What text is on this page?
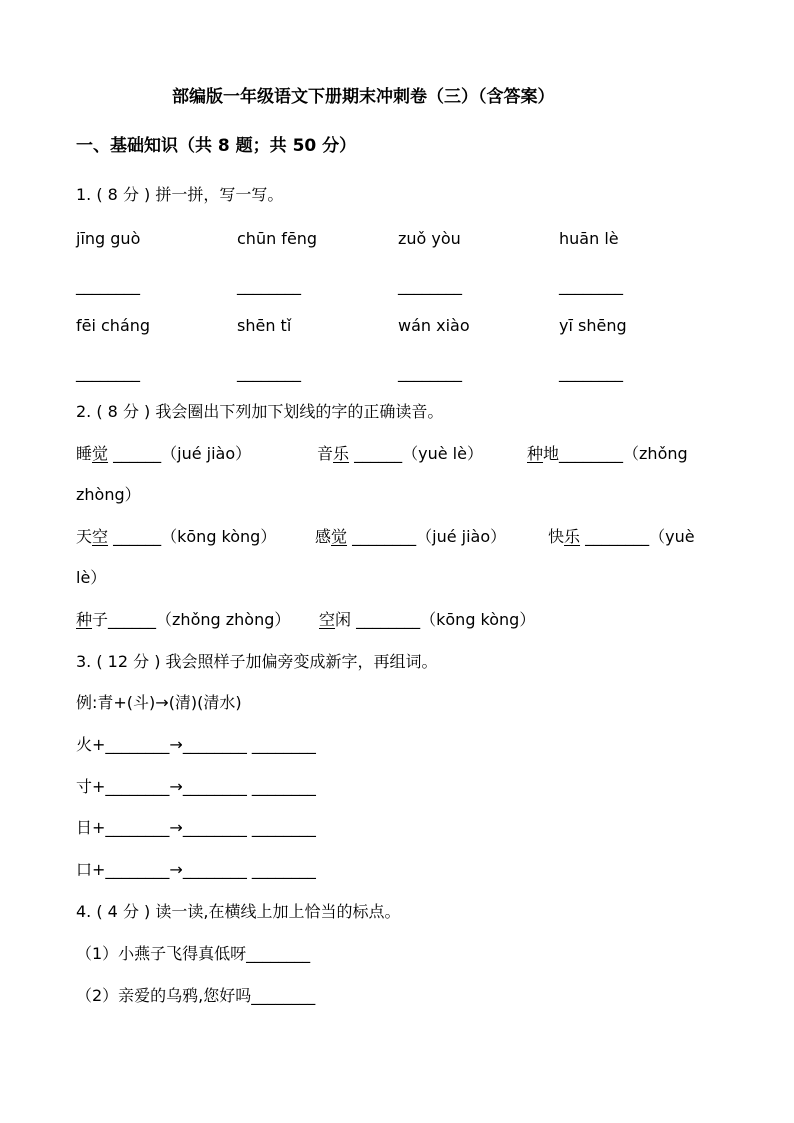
部编版一年级语文下册期末冲刺卷（三）（含答案）
一、基础知识（共 8 题；共 50 分）
1. ( 8 分 ) 拼一拼，写一写。
jīng guò	chūn fēng	zuǒ yòu	huān lè
________	________	________	________
fēi cháng	shēn tǐ	wán xiào	yī shēng
________	________	________	________
2. ( 8 分 ) 我会圈出下列加下划线的字的正确读音。
睡觉 ______（jué jiào）	音乐 ______（yuè lè）	种地________（zhǒng
zhòng）
天空 ______（kōng kòng） 感觉 ________（jué jiào）	快乐 ________（yuè
lè）
种子______（zhǒng zhòng） 空闲 ________（kōng kòng）
3. ( 12 分 ) 我会照样子加偏旁变成新字，再组词。
例:青+(斗)→(清)(清水)
火+________→________ ________
寸+________→________ ________
日+________→________ ________
口+________→________ ________
4. ( 4 分 ) 读一读,在横线上加上恰当的标点。
（1）小燕子飞得真低呀________
（2）亲爱的乌鸦,您好吗________
